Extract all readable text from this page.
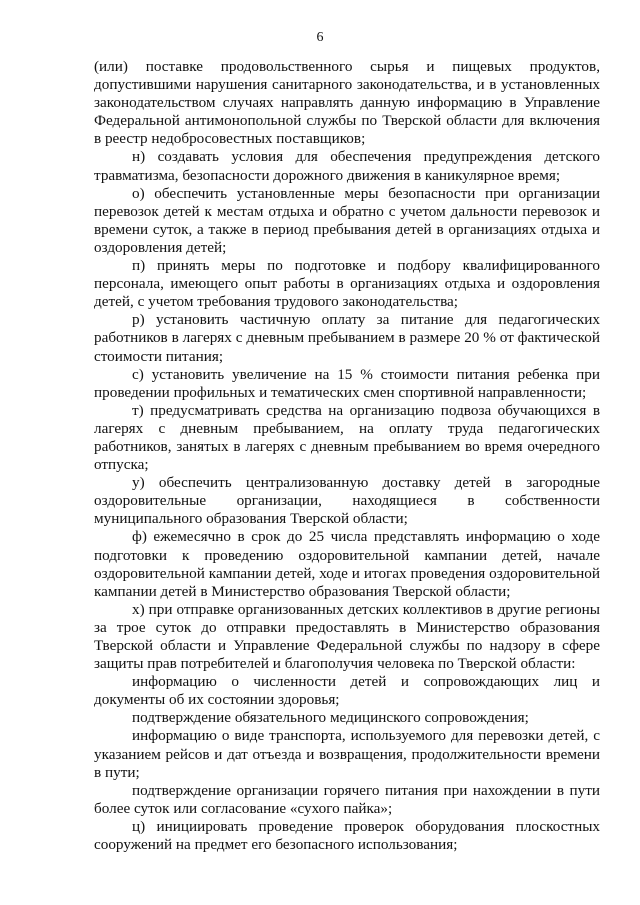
6

(или) поставке продовольственного сырья и пищевых продуктов, допустившими нарушения санитарного законодательства, и в установленных законодательством случаях направлять данную информацию в Управление Федеральной антимонопольной службы по Тверской области для включения в реестр недобросовестных поставщиков;

н) создавать условия для обеспечения предупреждения детского травматизма, безопасности дорожного движения в каникулярное время;

о) обеспечить установленные меры безопасности при организации перевозок детей к местам отдыха и обратно с учетом дальности перевозок и времени суток, а также в период пребывания детей в организациях отдыха и оздоровления детей;

п) принять меры по подготовке и подбору квалифицированного персонала, имеющего опыт работы в организациях отдыха и оздоровления детей, с учетом требования трудового законодательства;

р) установить частичную оплату за питание для педагогических работников в лагерях с дневным пребыванием в размере 20 % от фактической стоимости питания;

с) установить увеличение на 15 % стоимости питания ребенка при проведении профильных и тематических смен спортивной направленности;

т) предусматривать средства на организацию подвоза обучающихся в лагерях с дневным пребыванием, на оплату труда педагогических работников, занятых в лагерях с дневным пребыванием во время очередного отпуска;

у) обеспечить централизованную доставку детей в загородные оздоровительные организации, находящиеся в собственности муниципального образования Тверской области;

ф) ежемесячно в срок до 25 числа представлять информацию о ходе подготовки к проведению оздоровительной кампании детей, начале оздоровительной кампании детей, ходе и итогах проведения оздоровительной кампании детей в Министерство образования Тверской области;

х) при отправке организованных детских коллективов в другие регионы за трое суток до отправки предоставлять в Министерство образования Тверской области и Управление Федеральной службы по надзору в сфере защиты прав потребителей и благополучия человека по Тверской области:

информацию о численности детей и сопровождающих лиц и документы об их состоянии здоровья;

подтверждение обязательного медицинского сопровождения;

информацию о виде транспорта, используемого для перевозки детей, с указанием рейсов и дат отъезда и возвращения, продолжительности времени в пути;

подтверждение организации горячего питания при нахождении в пути более суток или согласование «сухого пайка»;

ц) инициировать проведение проверок оборудования плоскостных сооружений на предмет его безопасного использования;
